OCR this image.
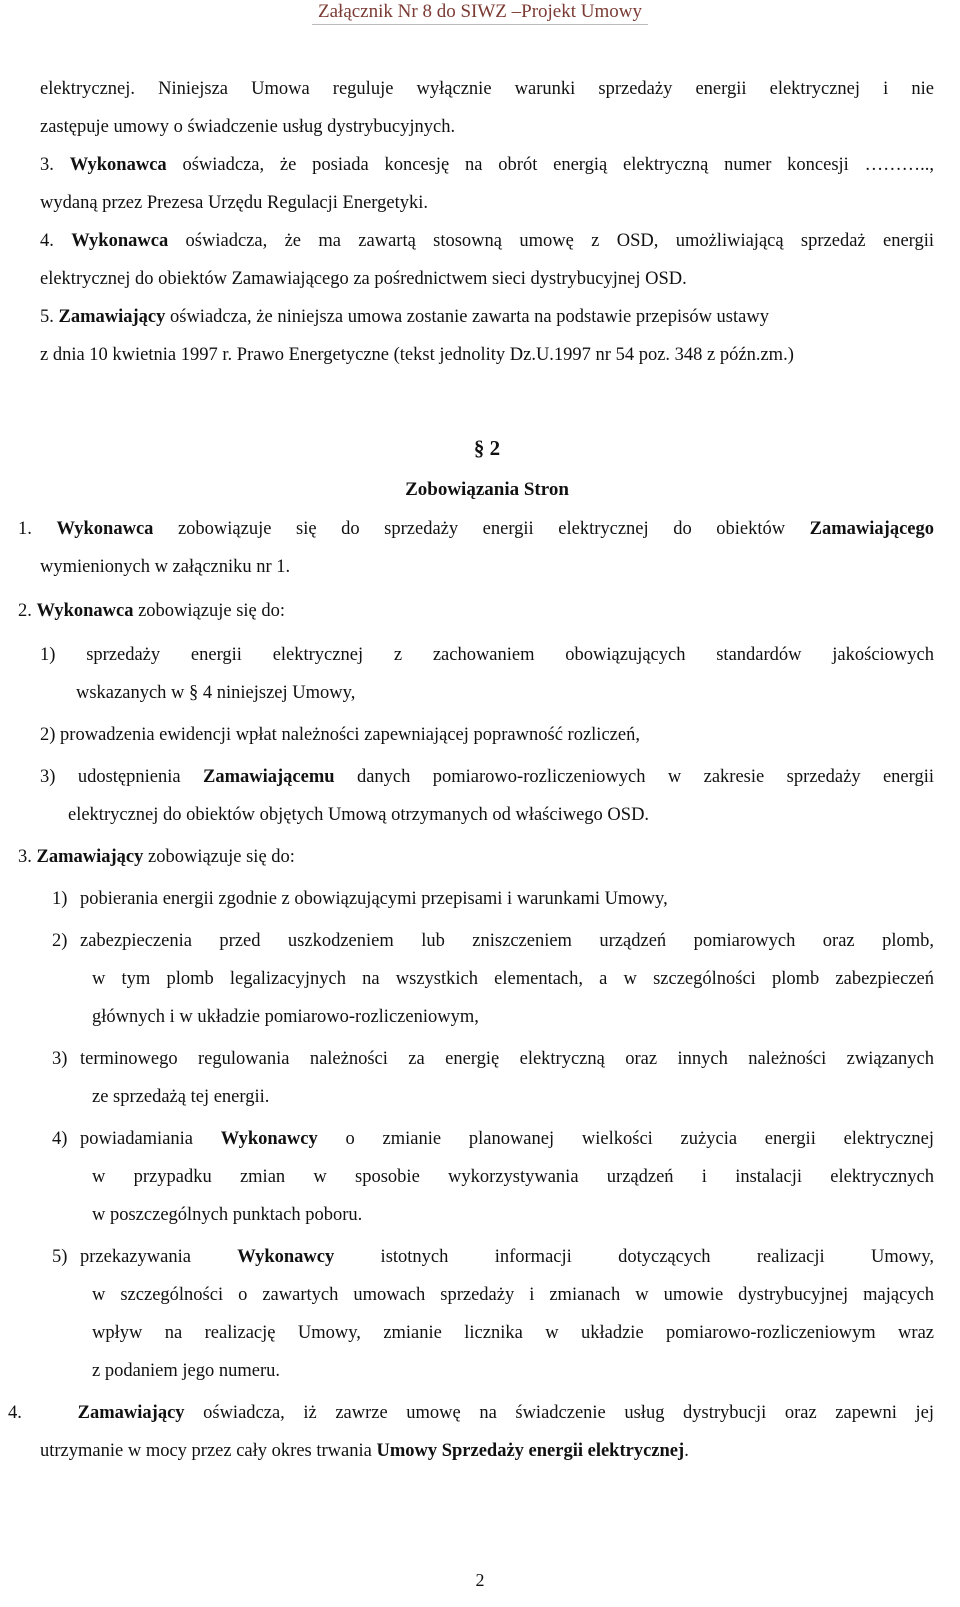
Załącznik Nr 8 do SIWZ –Projekt Umowy
elektrycznej. Niniejsza Umowa reguluje wyłącznie warunki sprzedaży energii elektrycznej i nie
zastępuje umowy o świadczenie usług dystrybucyjnych.
3. Wykonawca oświadcza, że posiada koncesję na obrót energią elektryczną numer koncesji ………..,
wydaną przez Prezesa Urzędu Regulacji Energetyki.
4. Wykonawca oświadcza, że ma zawartą stosowną umowę z OSD, umożliwiającą sprzedaż energii
elektrycznej do obiektów Zamawiającego za pośrednictwem sieci dystrybucyjnej OSD.
5. Zamawiający oświadcza, że niniejsza umowa zostanie zawarta na podstawie przepisów ustawy
z dnia 10 kwietnia 1997 r. Prawo Energetyczne (tekst jednolity Dz.U.1997 nr 54 poz. 348 z późn.zm.)
§ 2
Zobowiązania Stron
1. Wykonawca zobowiązuje się do sprzedaży energii elektrycznej do obiektów Zamawiającego
wymienionych w załączniku nr 1.
2. Wykonawca zobowiązuje się do:
1) sprzedaży energii elektrycznej z zachowaniem obowiązujących standardów jakościowych
wskazanych w § 4 niniejszej Umowy,
2) prowadzenia ewidencji wpłat należności zapewniającej poprawność rozliczeń,
3) udostępnienia Zamawiającemu danych pomiarowo-rozliczeniowych w zakresie sprzedaży energii
elektrycznej do obiektów objętych Umową otrzymanych od właściwego OSD.
3. Zamawiający zobowiązuje się do:
1) pobierania energii zgodnie z obowiązującymi przepisami i warunkami Umowy,
2) zabezpieczenia przed uszkodzeniem lub zniszczeniem urządzeń pomiarowych oraz plomb,
w tym plomb legalizacyjnych na wszystkich elementach, a w szczególności plomb zabezpieczeń
głównych i w układzie pomiarowo-rozliczeniowym,
3) terminowego regulowania należności za energię elektryczną oraz innych należności związanych
ze sprzedażą tej energii.
4) powiadamiania Wykonawcy o zmianie planowanej wielkości zużycia energii elektrycznej
w przypadku zmian w sposobie wykorzystywania urządzeń i instalacji elektrycznych
w poszczególnych punktach poboru.
5) przekazywania Wykonawcy istotnych informacji dotyczących realizacji Umowy,
w szczególności o zawartych umowach sprzedaży i zmianach w umowie dystrybucyjnej mających
wpływ na realizację Umowy, zmianie licznika w układzie pomiarowo-rozliczeniowym wraz
z podaniem jego numeru.
4.	Zamawiający oświadcza, iż zawrze umowę na świadczenie usług dystrybucji oraz zapewni jej
utrzymanie w mocy przez cały okres trwania Umowy Sprzedaży energii elektrycznej.
2
